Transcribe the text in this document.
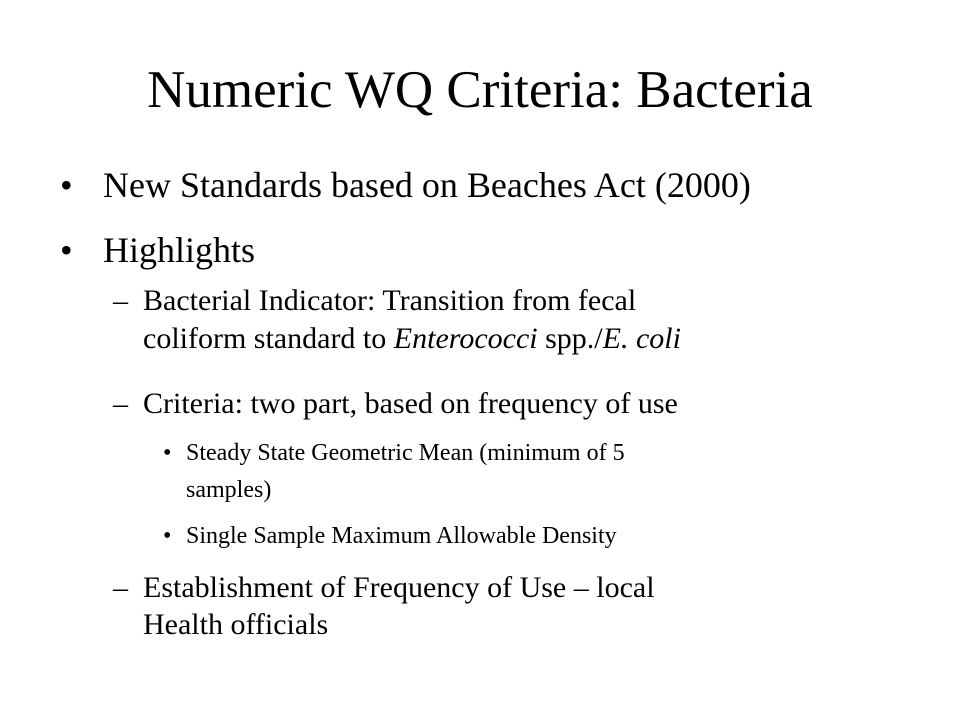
Numeric WQ Criteria: Bacteria
• New Standards based on Beaches Act (2000)
• Highlights
– Bacterial Indicator: Transition from fecal
coliform standard to Enterococci spp./E. coli
– Criteria: two part, based on frequency of use
• Steady State Geometric Mean (minimum of 5
samples)
• Single Sample Maximum Allowable Density
– Establishment of Frequency of Use – local
Health officials
